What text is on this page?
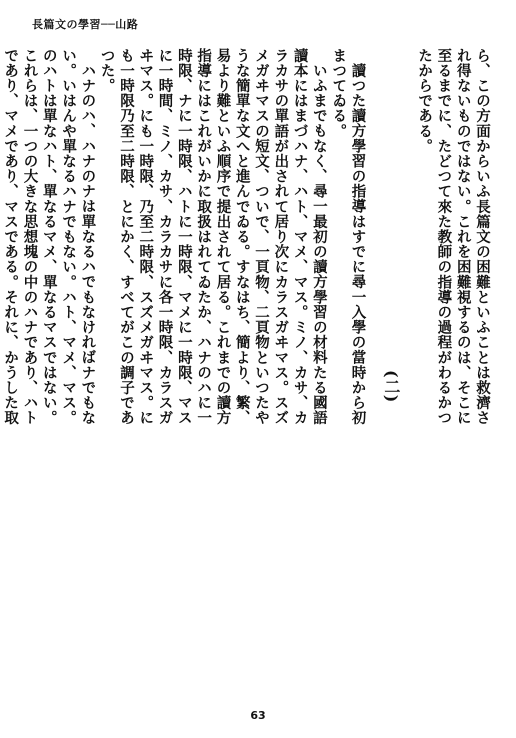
長篇文の學習──山路
ら、この方面からいふ長篇文の困難といふことは救濟さ
れ得ないものではない。これを困難視するのは、そこに
至るまでに、たどつて來た教師の指導の過程がわるかつ
たからである。
(二)
讀つた讀方學習の指導はすでに尋一入學の當時から初
まつてゐる。
いふまでもなく、尋一最初の讀方學習の材料たる國語
讀本にはまづハナ、ハト、マメ、マス。ミノ、カサ、カ
ラカサの單語が出されて居り次にカラスガヰマス。スズ
メガヰマスの短文、ついで、一頁物、二頁物といつたや
うな簡單な文へと進んでゐる。すなはち、簡より、繁、
易より難といふ順序で提出されて居る。これまでの讀方
指導にはこれがいかに取扱はれてゐたか、ハナのハに一
時限、ナに一時限、ハトに一時限、マメに一時限、マス
に一時間、ミノ、カサ、カラカサに各一時限、カラスガ
ヰマス。にも一時限、乃至二時限、スズメガヰマス。に
も一時限乃至二時限、とにかく、すべてがこの調子であ
つた。
ハナのハ、ハナのナは單なるハでもなければナでもな
い。いはんや單なるハナでもない。ハト、マメ、マス。
のハトは單なハト、單なるマメ、單なるマスではない。
これらは、一つの大きな思想塊の中のハナであり、ハト
であり、マメであり、マスである。それに、かうした取
63
